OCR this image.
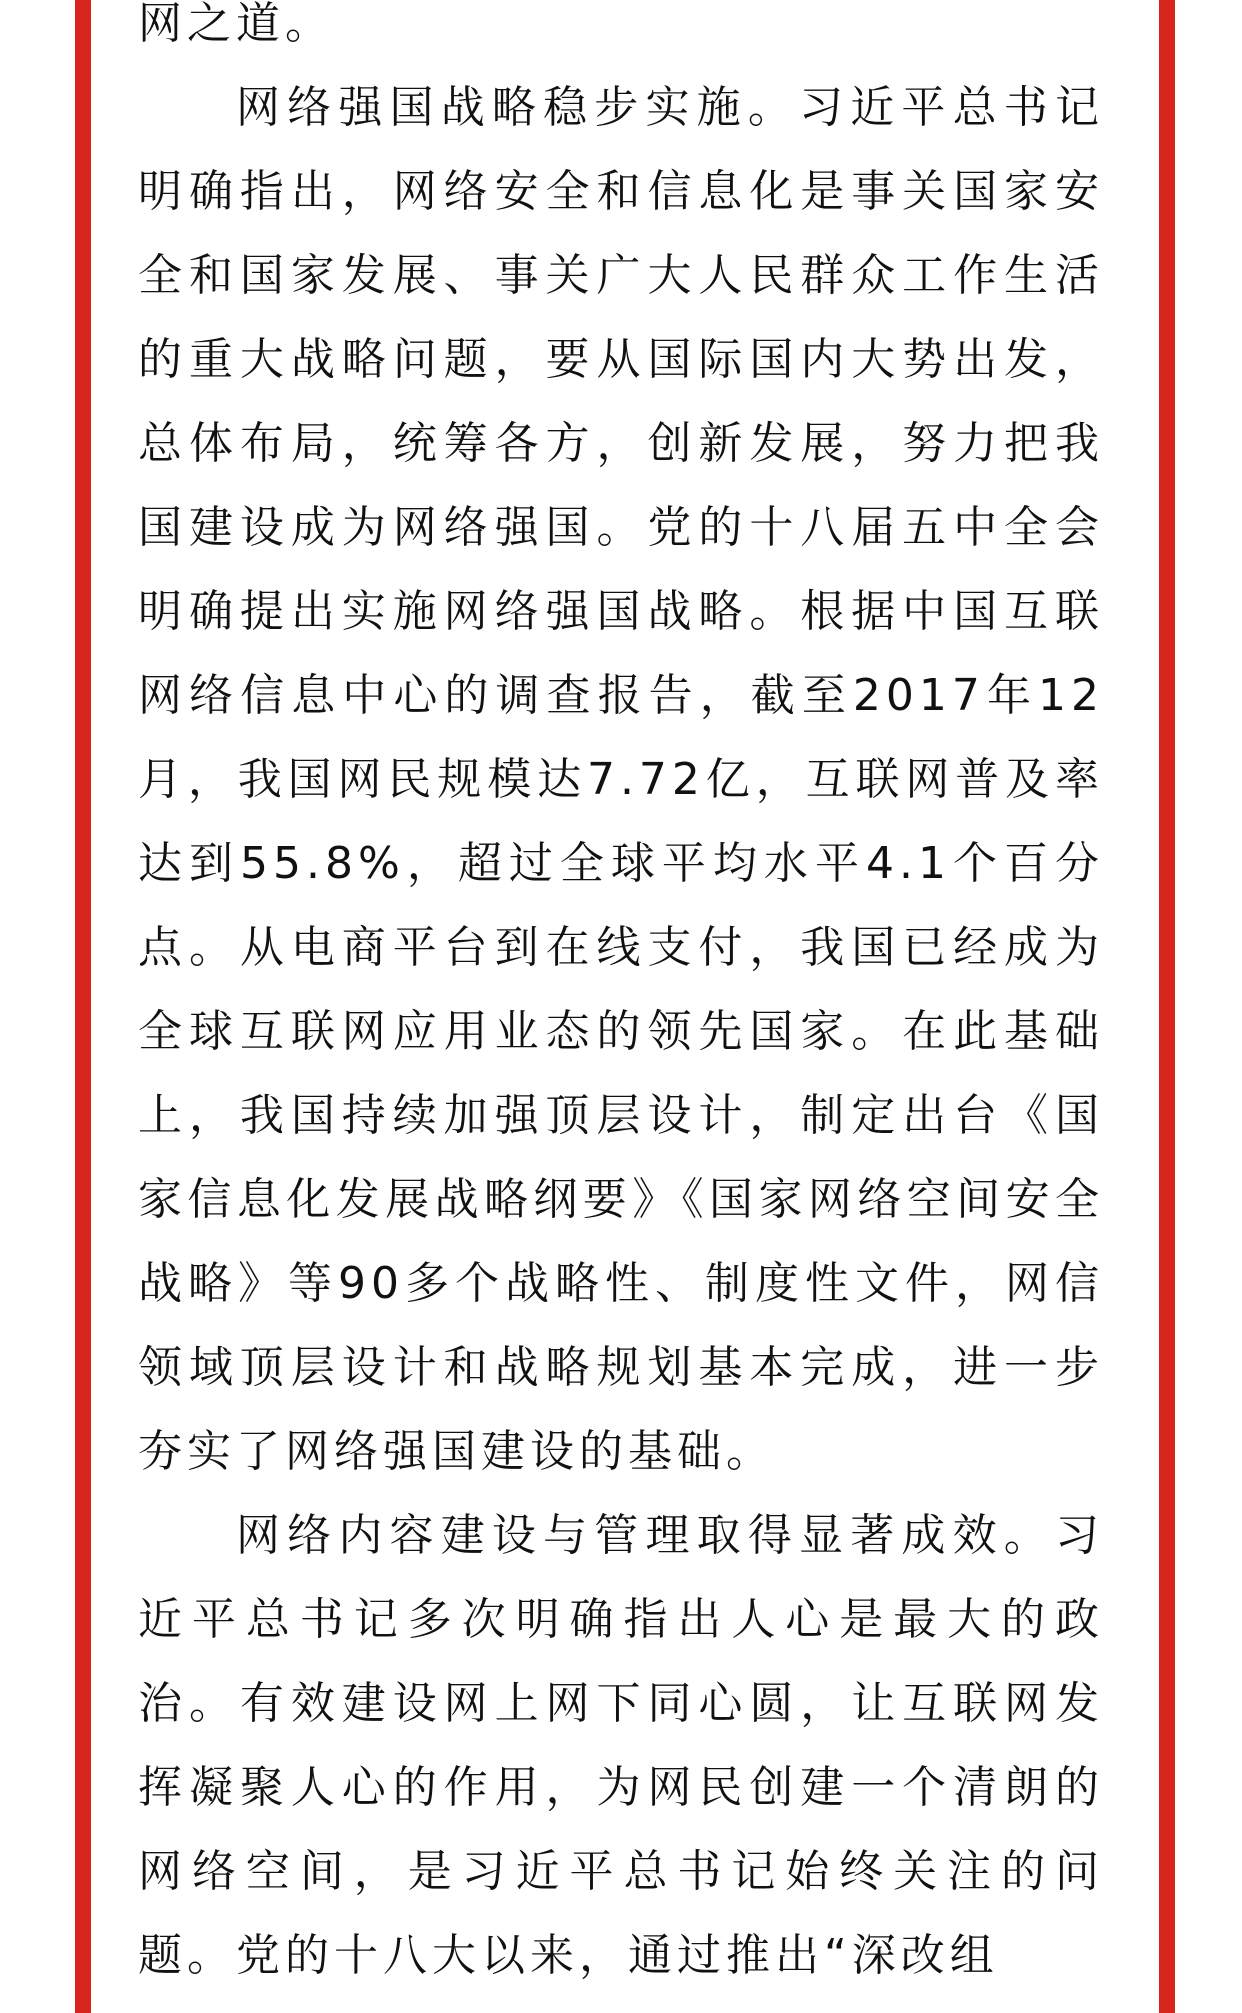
网之道。

网络强国战略稳步实施。习近平总书记明确指出，网络安全和信息化是事关国家安全和国家发展、事关广大人民群众工作生活的重大战略问题，要从国际国内大势出发，总体布局，统筹各方，创新发展，努力把我国建设成为网络强国。党的十八届五中全会明确提出实施网络强国战略。根据中国互联网络信息中心的调查报告，截至2017年12月，我国网民规模达7.72亿，互联网普及率达到55.8%，超过全球平均水平4.1个百分点。从电商平台到在线支付，我国已经成为全球互联网应用业态的领先国家。在此基础上，我国持续加强顶层设计，制定出台《国家信息化发展战略纲要》《国家网络空间安全战略》等90多个战略性、制度性文件，网信领域顶层设计和战略规划基本完成，进一步夯实了网络强国建设的基础。

网络内容建设与管理取得显著成效。习近平总书记多次明确指出人心是最大的政治。有效建设网上网下同心圆，让互联网发挥凝聚人心的作用，为网民创建一个清朗的网络空间，是习近平总书记始终关注的问题。党的十八大以来，通过推出“深改组
